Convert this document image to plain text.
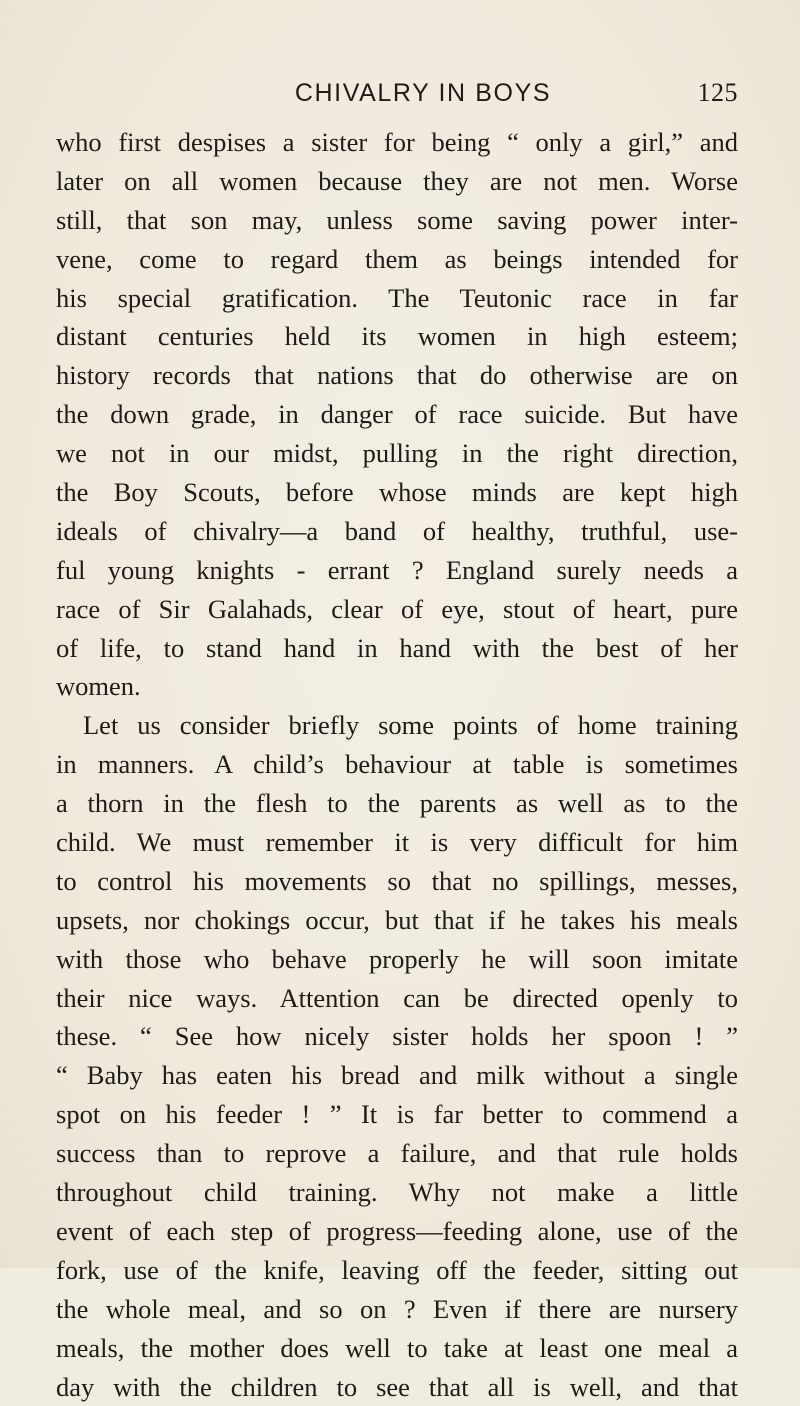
CHIVALRY IN BOYS	125
who first despises a sister for being “ only a girl,” and
later on all women because they are not men. Worse
still, that son may, unless some saving power inter-
vene, come to regard them as beings intended for
his special gratification. The Teutonic race in far
distant centuries held its women in high esteem;
history records that nations that do otherwise are on
the down grade, in danger of race suicide. But have
we not in our midst, pulling in the right direction,
the Boy Scouts, before whose minds are kept high
ideals of chivalry—a band of healthy, truthful, use-
ful young knights - errant ? England surely needs a
race of Sir Galahads, clear of eye, stout of heart, pure
of life, to stand hand in hand with the best of her
women.
Let us consider briefly some points of home training
in manners. A child’s behaviour at table is sometimes
a thorn in the flesh to the parents as well as to the
child. We must remember it is very difficult for him
to control his movements so that no spillings, messes,
upsets, nor chokings occur, but that if he takes his meals
with those who behave properly he will soon imitate
their nice ways. Attention can be directed openly to
these. “ See how nicely sister holds her spoon ! ”
“ Baby has eaten his bread and milk without a single
spot on his feeder ! ” It is far better to commend a
success than to reprove a failure, and that rule holds
throughout child training. Why not make a little
event of each step of progress—feeding alone, use of the
fork, use of the knife, leaving off the feeder, sitting out
the whole meal, and so on ? Even if there are nursery
meals, the mother does well to take at least one meal a
day with the children to see that all is well, and that
